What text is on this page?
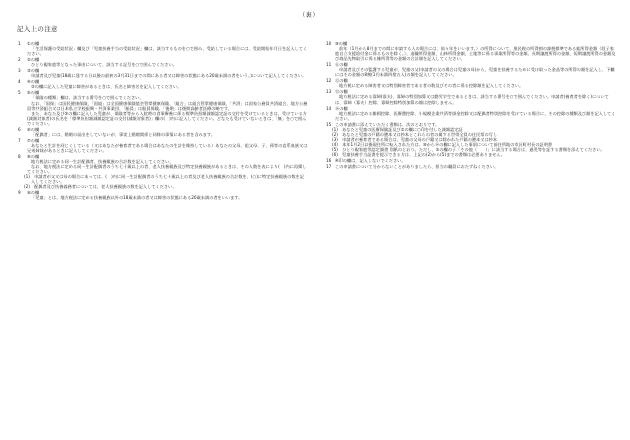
（裏）
記入上の注意
1	①の欄

「生活保護の受給状況」欄及び「児童扶養手当の受給状況」欄は、該当するものを○で囲み、受給している場合には、受給開始年月日を記入してください。

2	②の欄

ひとり親家庭等となった事由について、該当する記号を○で囲んでください。

3	③の欄

申請者及び児童(18歳に達する日以後の最初の3月31日までの間にある者又は障害の状態にある20歳未満の者をいう。)について記入してください。

4	④の欄

③の欄に記入した児童に障害があるときは、氏名と障害名を記入してください。

5	⑤の欄

「保険の種類」欄は、該当する番号を○で囲んでください。

なお、「国保」は国民健康保険、「国組」は全国健康保険協会管掌健康保険、「組合」は組合管掌健康保険、「共済」は国家公務員共済組合、地方公務員等共済組合又は日本私立学校振興・共済事業団、「船員」は船員保険、「後期」は後期高齢者医療の略です。

また、あなた及び③の欄に記入した児童が、保険者等から入院時の食事療養に係る標準負担額減額認定証の交付を受けているときは、受けている方(減額対象者)の氏名を「標準負担額減額認定証の交付(減額対象者)」欄の(　)内に記入してください。どなたも受けていないときは、「無」を○で囲んでください。

6	⑥の欄

「配偶者」には、婚姻の届出をしていないが、事実上婚姻関係と同様の事情にある者を含みます。

7	⑦の欄

あなたと生計を同じくしている（又はあなたが養育者である場合はあなたの生計を維持している）あなたの父母、祖父母、子、孫等の直系血族又は兄弟姉妹があるときに記入してください。

8	⑧の欄

地方税法に定める同一生計配偶者、扶養親族の合計数を記入してください。

なお、地方税法に定める同一生計配偶者のうち七十歳以上の者、老人扶養親族及び特定扶養親族があるときは、その人数を表により(　)内に再掲してください。

(1)　申請者が父又は母の場合にあっては、(　)内に同一生計配偶者のうち七十歳以上の者及び老人扶養親族の合計数を、(○)に特定扶養親族の数を記入してください。

(2)　配偶者及び扶養義務者については、老人扶養親族の数を記入してください。

9	⑨の欄

「児童」とは、地方税法に定める扶養親族以外の18歳未満の者又は障害の状態にある20歳未満の者をいいます。

10 ⑩の欄

前年（1月から8月までの間に申請する人の場合には、前々年をいいます。）の所得について、黒民税の所得割の課税標準である総所得金額（段子家庭自立支援給付金に係るものを除く。）、退職所得金額、山林所得金額、土地等に係る事業所得等の金額、長期譲渡所得の金額、短期譲渡所得の金額及び商品先物取引に係る雑所得等の金額の合計額を記入してください。

11 ⑪の欄

申請者及びその監護する児童が、児童の父(申請者の父の場合は児童の母)から、児童を扶養するために受け取った金品等の所得の額を記入し、下欄にはその金額の8割(1円未満四捨五入)の額を記入してください。

12 ⑫の欄

地方税に定める障害者又は特別障害者である者の数及びその者に係る控除額を記入してください。

13 ⑬の欄

地方税法に定める寡婦(寡夫)、寡婦の特別加算又は勤労学生であるときは、該当する番号を○で囲んでください。申請者(養育者を除く)については、寡婦（寡夫）控除、寡婦控除特別加算の額は控除しません。

14 ⑭の欄

地方税法に定める雑損控除、医療費控除、小規模企業共済等掛金控除又は配偶者特別控除を受けている場合に、その控除の種類及び額を記入してください。

15 この申請書に添えていただく書類は、次のとおりです。

(1)　あなたと児童の医療保険証及び②の欄に○印を付した減額認定証

(2)　あなたと児童の戸籍の謄本又は抄本とこれらの者の属する世帯全員の住民票の写し

(3)　申請者が養育者である場合は、児童の父母の戸籍又は除かれた戸籍の謄本又は抄本

(4)　本年1月2日以後現住所に転入された方は、⑩から⑭の欄に記入した事項について前住所地の市区町村長の証明書

(5)　ひとり親家庭等認定調書 別紙のとおり。ただし、②の欄の子「その他（　　）」に該当する場合は、過児等を証する書類を添えてください。

(6)　児童扶養手当証書を提示できる方は、上記の(2)から(5)までの書類は必要ありません。

16 ※印の欄は、記入しないでください。
17 この申請書について分からないことがありましたら、担当の職員におたずねください。
